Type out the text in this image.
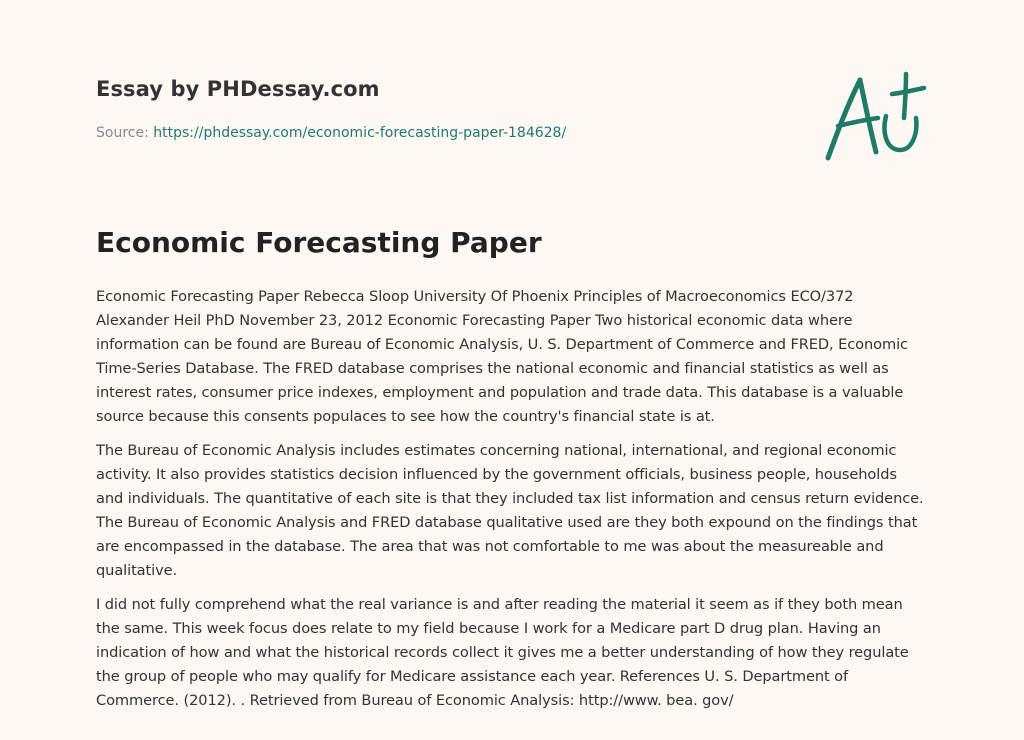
Essay by PHDessay.com
Source: https://phdessay.com/economic-forecasting-paper-184628/
Economic Forecasting Paper

Economic Forecasting Paper Rebecca Sloop University Of Phoenix Principles of Macroeconomics ECO/372 Alexander Heil PhD November 23, 2012 Economic Forecasting Paper Two historical economic data where information can be found are Bureau of Economic Analysis, U. S. Department of Commerce and FRED, Economic Time-Series Database. The FRED database comprises the national economic and financial statistics as well as interest rates, consumer price indexes, employment and population and trade data. This database is a valuable source because this consents populaces to see how the country's financial state is at.

The Bureau of Economic Analysis includes estimates concerning national, international, and regional economic activity. It also provides statistics decision influenced by the government officials, business people, households and individuals. The quantitative of each site is that they included tax list information and census return evidence. The Bureau of Economic Analysis and FRED database qualitative used are they both expound on the findings that are encompassed in the database. The area that was not comfortable to me was about the measureable and qualitative.

I did not fully comprehend what the real variance is and after reading the material it seem as if they both mean the same. This week focus does relate to my field because I work for a Medicare part D drug plan. Having an indication of how and what the historical records collect it gives me a better understanding of how they regulate the group of people who may qualify for Medicare assistance each year. References U. S. Department of Commerce. (2012). . Retrieved from Bureau of Economic Analysis: http://www. bea. gov/
